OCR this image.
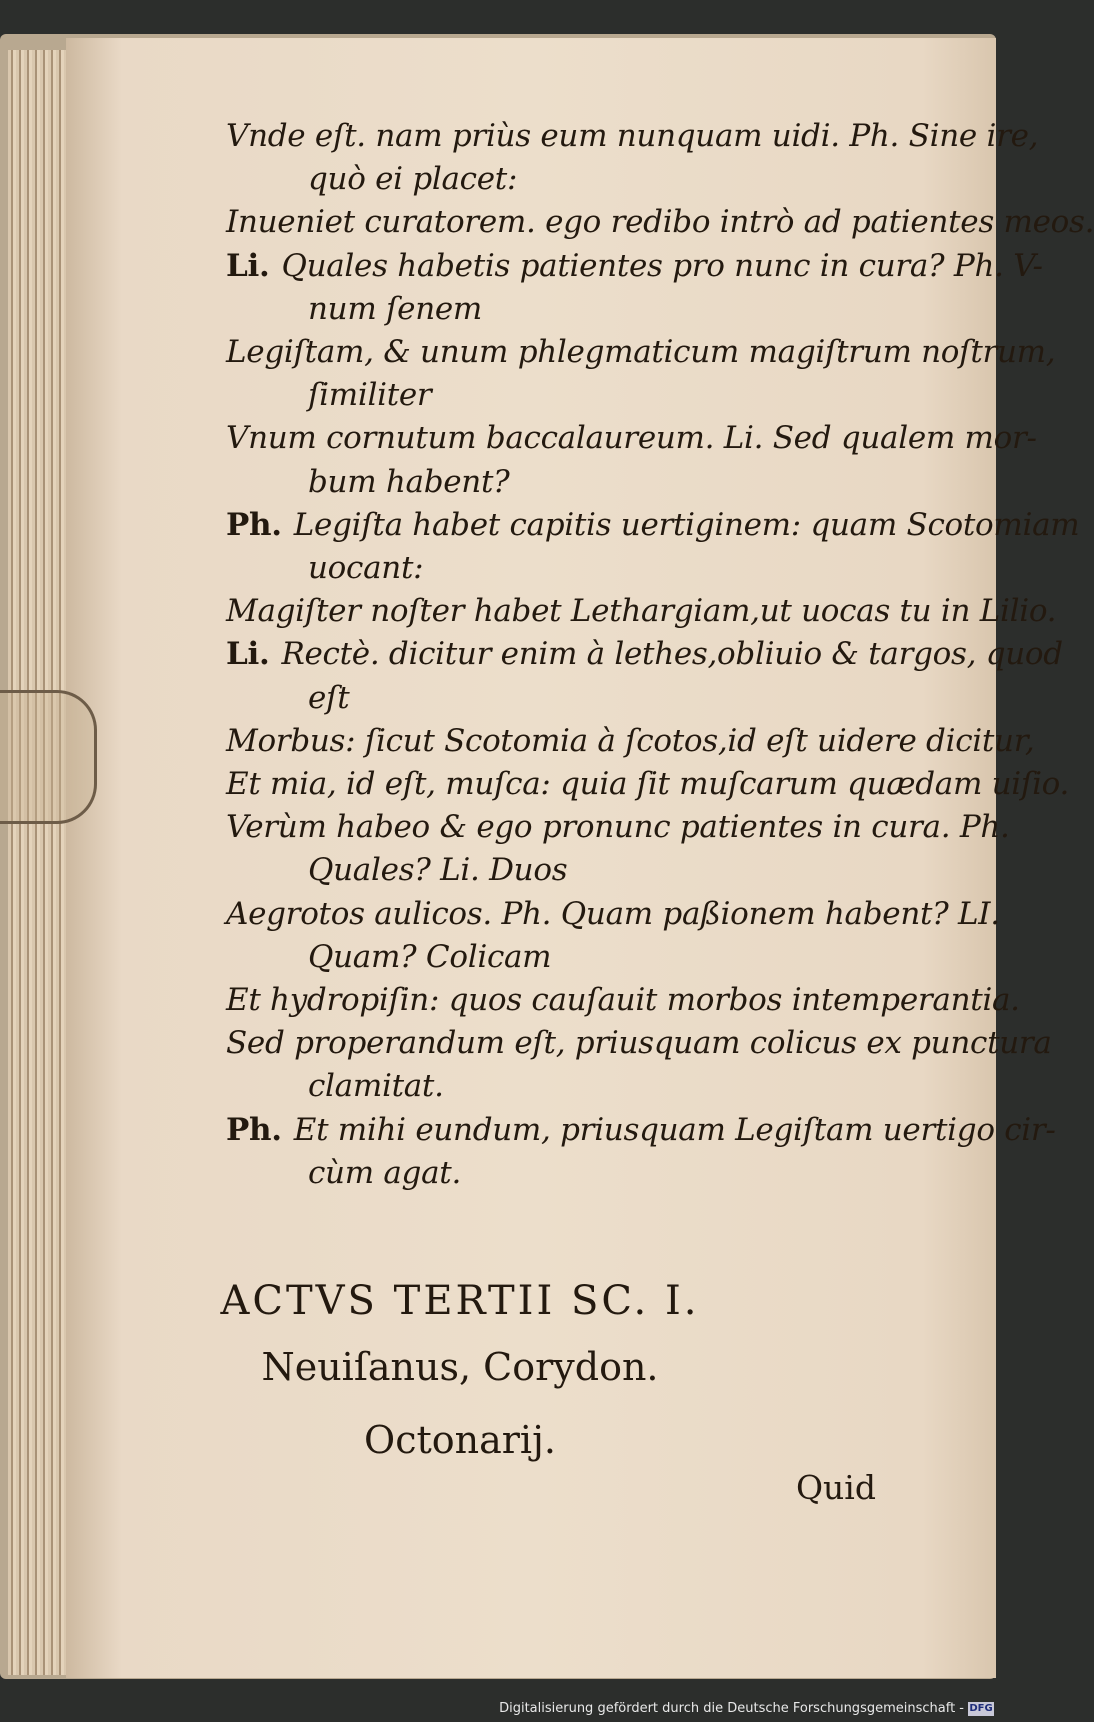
Vnde eſt. nam priùs eum nunquam uidi. Ph. Sine ire,
quò ei placet:
Inueniet curatorem. ego redibo intrò ad patientes meos.
Li. Quales habetis patientes pro nunc in cura? Ph. V-
num ſenem
Legiſtam, & unum phlegmaticum magiſtrum noſtrum,
ſimiliter
Vnum cornutum baccalaureum. Li. Sed qualem mor-
bum habent?
Ph. Legiſta habet capitis uertiginem: quam Scotomiam
uocant:
Magiſter noſter habet Lethargiam,ut uocas tu in Lilio.
Li. Rectè. dicitur enim à lethes,obliuio & targos, quod
eſt
Morbus: ſicut Scotomia à ſcotos,id eſt uidere dicitur,
Et mia, id eſt, muſca: quia ſit muſcarum quædam uiſio.
Verùm habeo & ego pronunc patientes in cura. Ph.
Quales? Li. Duos
Aegrotos aulicos. Ph. Quam paßionem habent? LI.
Quam? Colicam
Et hydropiſin: quos cauſauit morbos intemperantia.
Sed properandum eſt, priusquam colicus ex punctura
clamitat.
Ph. Et mihi eundum, priusquam Legiſtam uertigo cir-
cùm agat.
ACTVS TERTII SC. I.
Neuiſanus, Corydon.
Octonarij.
Quid
Digitalisierung gefördert durch die Deutsche Forschungsgemeinschaft - DFG
